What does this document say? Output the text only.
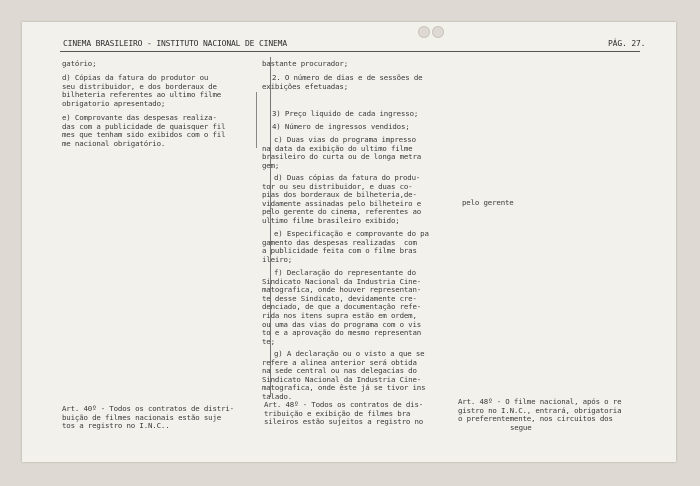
CINEMA BRASILEIRO - INSTITUTO NACIONAL DE CINEMA	PÁG. 27.
gatório;
d) Cópias da fatura do produtor ou
seu distribuidor, e dos borderaux de
bilheteria referentes ao ultimo filme
obrigatorio apresentado;
e) Comprovante das despesas realiza-
das com a publicidade de quaisquer fil
mes que tenham sido exibidos com o fil
me nacional obrigatório.
bastante procurador;
2. O número de dias e de sessões de
exibições efetuadas;
3) Preço liquido de cada ingresso;
4) Número de ingressos vendidos;
c) Duas vias do programa impresso
na data da exibição do ultimo filme
brasileiro do curta ou de longa metra
gem;
d) Duas cópias da fatura do produ-
tor ou seu distribuidor, e duas co-
pias dos borderaux de bilheteria,de-
vidamente assinadas pelo bilheteiro e
pelo gerente do cinema, referentes ao
ultimo filme brasileiro exibido;
e) Especificação e comprovante do pa
gamento das despesas realizadas  com
a publicidade feita com o filme bras
ileiro;
f) Declaração do representante do
Sindicato Nacional da Industria Cine-
matografica, onde houver representan-
te desse Sindicato, devidamente cre-
denciado, de que a documentação refe-
rida nos itens supra estão em ordem,
ou uma das vias do programa com o vis
to e a aprovação do mesmo representan
te;
g) A declaração ou o visto a que se
refere a alinea anterior será obtida
na sede central ou nas delegacias do
Sindicato Nacional da Industria Cine-
matografica, onde êste já se tivor ins
talado.
pelo gerente
Art. 40º - Todos os contratos de distri-
buição de filmes nacionais estão suje
tos a registro no I.N.C..
Art. 48º - Todos os contratos de dis-
tribuição e exibição de filmes bra
sileiros estão sujeitos a registro no
Art. 48º - O filme nacional, após o re
gistro no I.N.C., entrará, obrigatoria
o preferentemente, nos circuitos dos
segue
